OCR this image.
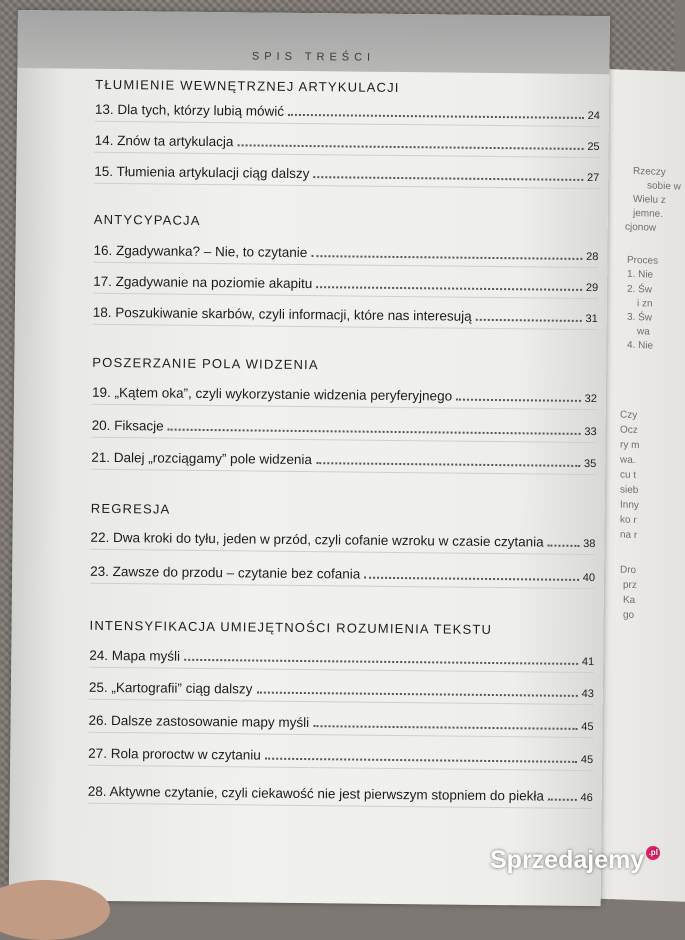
Rzeczy
sobie w
Wielu z
jemne.
cjonow
Proces
1. Nie
2. Św
i zn
3. Św
wa
4. Nie
Czy
Ocz
ry m
wa.
cu t
sieb
Inny
ko r
na r
Dro
prz
Ka
go
SPIS TREŚCI
TŁUMIENIE WEWNĘTRZNEJ ARTYKULACJI
13. Dla tych, którzy lubią mówić	24
14. Znów ta artykulacja	25
15. Tłumienia artykulacji ciąg dalszy	27
ANTYCYPACJA
16. Zgadywanka? – Nie, to czytanie	28
17. Zgadywanie na poziomie akapitu	29
18. Poszukiwanie skarbów, czyli informacji, które nas interesują	31
POSZERZANIE POLA WIDZENIA
19. „Kątem oka”, czyli wykorzystanie widzenia peryferyjnego	32
20. Fiksacje	33
21. Dalej „rozciągamy” pole widzenia	35
REGRESJA
22. Dwa kroki do tyłu, jeden w przód, czyli cofanie wzroku w czasie czytania	38
23. Zawsze do przodu – czytanie bez cofania	40
INTENSYFIKACJA UMIEJĘTNOŚCI ROZUMIENIA TEKSTU
24. Mapa myśli	41
25. „Kartografii” ciąg dalszy	43
26. Dalsze zastosowanie mapy myśli	45
27. Rola proroctw w czytaniu	45
28. Aktywne czytanie, czyli ciekawość nie jest pierwszym stopniem do piekła	46
Sprzedajemy .pl
